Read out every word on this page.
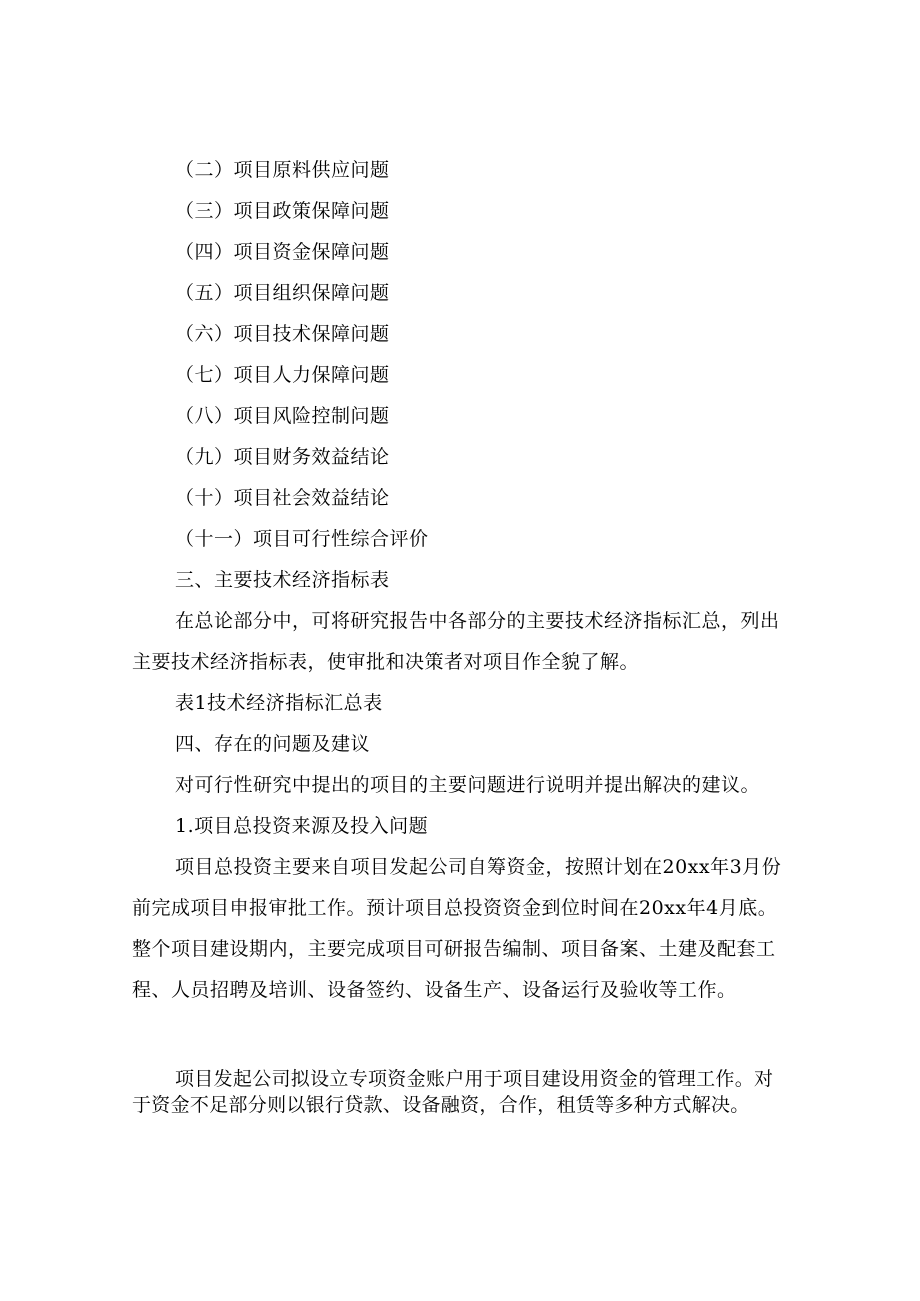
（二）项目原料供应问题
（三）项目政策保障问题
（四）项目资金保障问题
（五）项目组织保障问题
（六）项目技术保障问题
（七）项目人力保障问题
（八）项目风险控制问题
（九）项目财务效益结论
（十）项目社会效益结论
（十一）项目可行性综合评价
三、主要技术经济指标表
在总论部分中，可将研究报告中各部分的主要技术经济指标汇总，列出主要技术经济指标表，使审批和决策者对项目作全貌了解。
表1技术经济指标汇总表
四、存在的问题及建议
对可行性研究中提出的项目的主要问题进行说明并提出解决的建议。
1.项目总投资来源及投入问题
项目总投资主要来自项目发起公司自筹资金，按照计划在20xx年3月份前完成项目申报审批工作。预计项目总投资资金到位时间在20xx年4月底。整个项目建设期内，主要完成项目可研报告编制、项目备案、土建及配套工程、人员招聘及培训、设备签约、设备生产、设备运行及验收等工作。
项目发起公司拟设立专项资金账户用于项目建设用资金的管理工作。对于资金不足部分则以银行贷款、设备融资，合作，租赁等多种方式解决。
